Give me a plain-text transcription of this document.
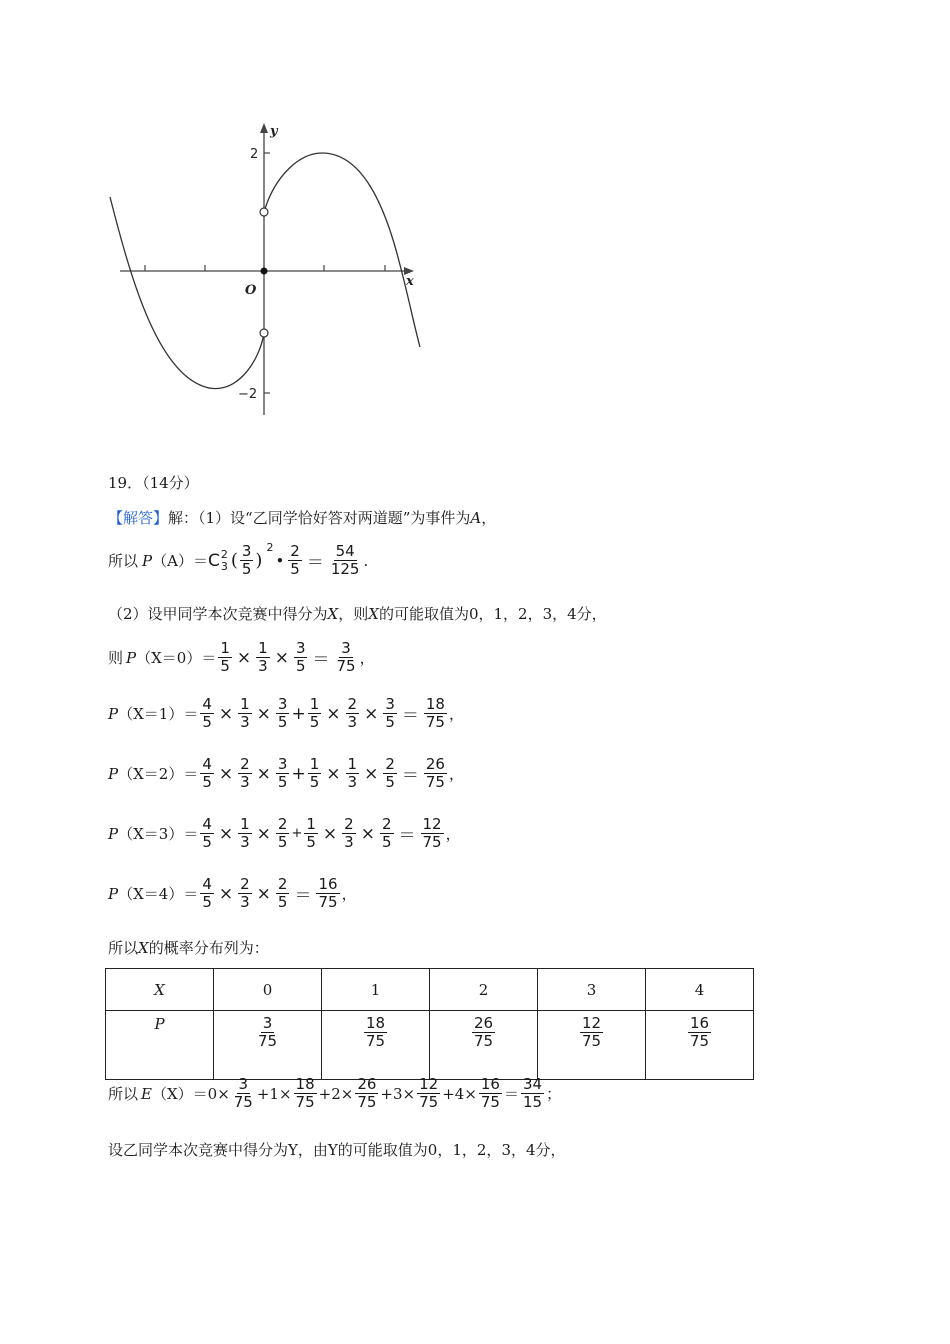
y
x
O
2
−2
19．（14分）
【解答】 解：（1）设“乙同学恰好答对两道题”为事件为 A ，
所以 P （A）＝ C 2
3 ( $\frac{3}{5}$ )
2
• $\frac{2}{5} = \frac{54}{125}$ .
（2）设甲同学本次竞赛中得分为 X ，则 X 的可能取值为0，1，2，3，4分，
则 P $(X=0)= \frac{1}{5} \times \frac{1}{3} \times \frac{3}{5} = \frac{3}{75}$ ，
P $(X=1)= \frac{4}{5} \times \frac{1}{3} \times \frac{3}{5} + \frac{1}{5} \times \frac{2}{3} \times \frac{3}{5} = \frac{18}{75}$ ，
P $(X=2)= \frac{4}{5} \times \frac{2}{3} \times \frac{3}{5} + \frac{1}{5} \times \frac{1}{3} \times \frac{2}{5} = \frac{26}{75}$ ，
P $(X=3)= \frac{4}{5} \times \frac{1}{3} \times \frac{2}{5} + \frac{1}{5} \times \frac{2}{3} \times \frac{2}{5} = \frac{12}{75}$ ，
P $(X=4)= \frac{4}{5} \times \frac{2}{3} \times \frac{2}{5} = \frac{16}{75}$ ，
所以 X 的概率分布列为：
X	0	1	2	3	4
P	$\frac{3}{75}$	$\frac{18}{75}$	$\frac{26}{75}$	$\frac{12}{75}$	$\frac{16}{75}$
所以 E $(X)=0\times \frac{3}{75} +1\times \frac{18}{75} +2\times \frac{26}{75} +3\times \frac{12}{75} +4\times \frac{16}{75} = \frac{34}{15}$ ；
设乙同学本次竞赛中得分为Y，由Y的可能取值为0，1，2，3，4分，
